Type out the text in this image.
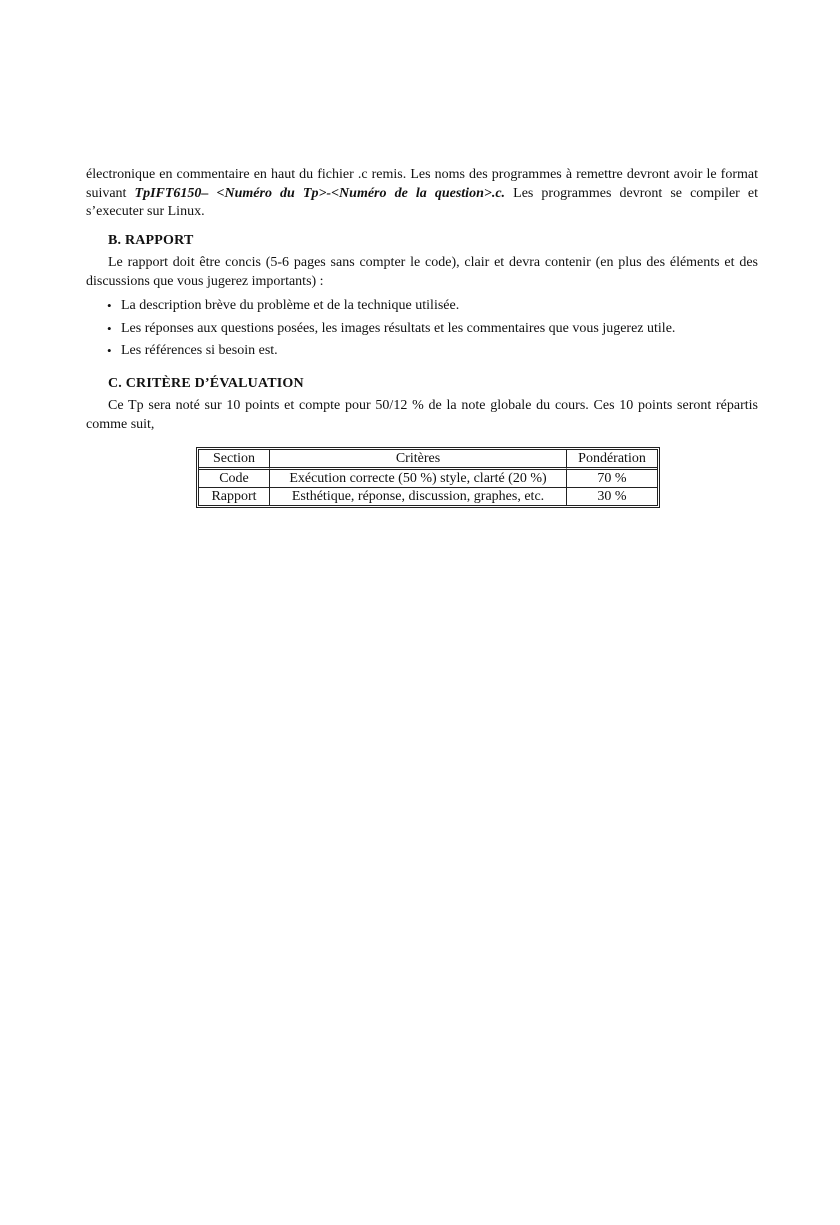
électronique en commentaire en haut du fichier .c remis. Les noms des programmes à remettre devront avoir le format suivant TpIFT6150– <Numéro du Tp>-<Numéro de la question>.c. Les programmes devront se compiler et s’executer sur Linux.

B. RAPPORT

Le rapport doit être concis (5-6 pages sans compter le code), clair et devra contenir (en plus des éléments et des discussions que vous jugerez importants) :

• La description brève du problème et de la technique utilisée.
• Les réponses aux questions posées, les images résultats et les commentaires que vous jugerez utile.
• Les références si besoin est.
C. CRITÈRE D’ÉVALUATION

Ce Tp sera noté sur 10 points et compte pour 50/12 % de la note globale du cours. Ces 10 points seront répartis comme suit,

Section	Critères	Pondération
Code	Exécution correcte (50 %) style, clarté (20 %)	70 %
Rapport	Esthétique, réponse, discussion, graphes, etc.	30 %
